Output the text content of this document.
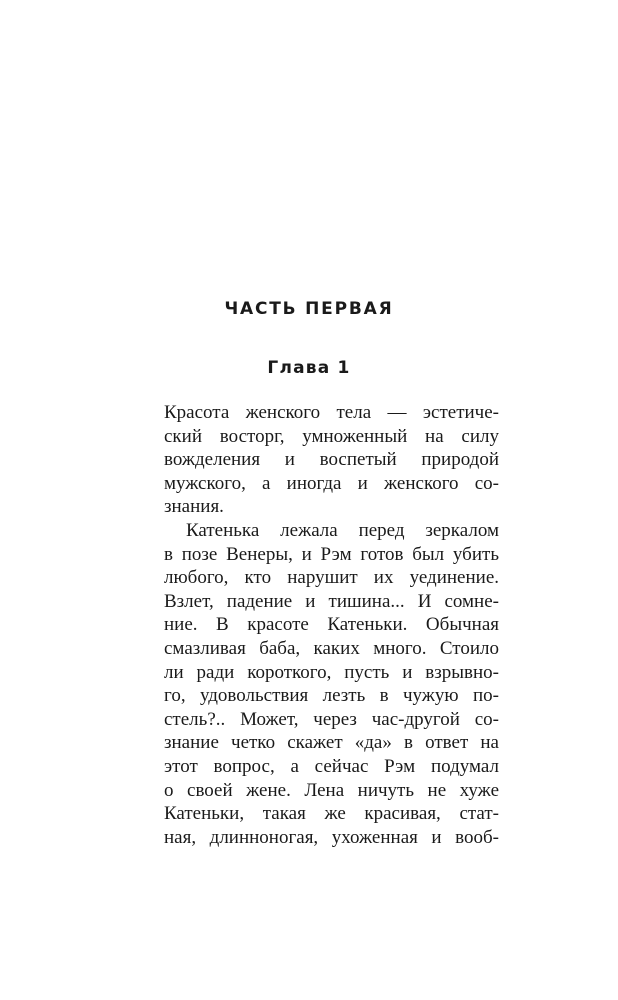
ЧАСТЬ ПЕРВАЯ
Глава 1
Красота женского тела — эстетиче-
ский восторг, умноженный на силу
вожделения и воспетый природой
мужского, а иногда и женского со-
знания.
Катенька лежала перед зеркалом
в позе Венеры, и Рэм готов был убить
любого, кто нарушит их уединение.
Взлет, падение и тишина... И сомне-
ние. В красоте Катеньки. Обычная
смазливая баба, каких много. Стоило
ли ради короткого, пусть и взрывно-
го, удовольствия лезть в чужую по-
стель?.. Может, через час-другой со-
знание четко скажет «да» в ответ на
этот вопрос, а сейчас Рэм подумал
о своей жене. Лена ничуть не хуже
Катеньки, такая же красивая, стат-
ная, длинноногая, ухоженная и вооб-
